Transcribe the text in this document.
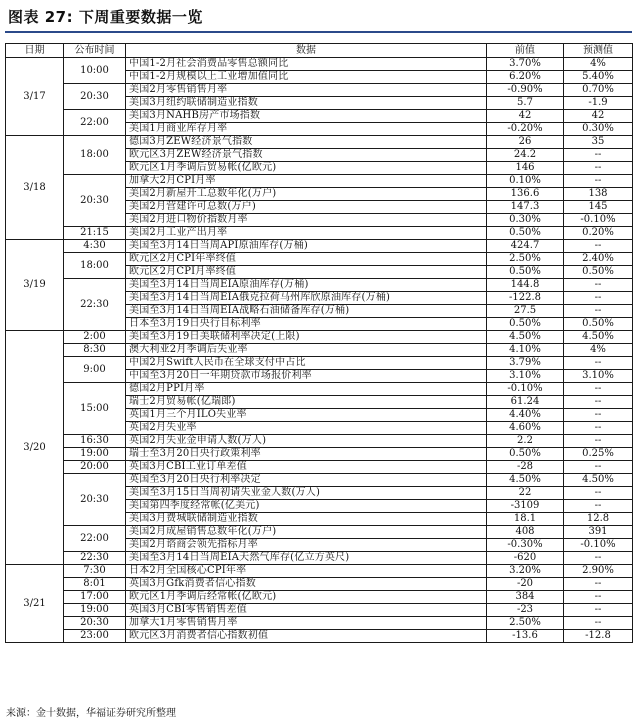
图表 27: 下周重要数据一览
日期	公布时间	数据	前值	预测值
3/17	10:00	中国1-2月社会消费品零售总额同比	3.70%	4%
		中国1-2月规模以上工业增加值同比	6.20%	5.40%
	20:30	美国2月零售销售月率	-0.90%	0.70%
		美国3月纽约联储制造业指数	5.7	-1.9
	22:00	美国3月NAHB房产市场指数	42	42
		美国1月商业库存月率	-0.20%	0.30%
3/18	18:00	德国3月ZEW经济景气指数	26	35
		欧元区3月ZEW经济景气指数	24.2	--
		欧元区1月季调后贸易帐(亿欧元)	146	--
	20:30	加拿大2月CPI月率	0.10%	--
		美国2月新屋开工总数年化(万户)	136.6	138
		美国2月营建许可总数(万户)	147.3	145
		美国2月进口物价指数月率	0.30%	-0.10%
	21:15	美国2月工业产出月率	0.50%	0.20%
3/19	4:30	美国至3月14日当周API原油库存(万桶)	424.7	--
	18:00	欧元区2月CPI年率终值	2.50%	2.40%
		欧元区2月CPI月率终值	0.50%	0.50%
	22:30	美国至3月14日当周EIA原油库存(万桶)	144.8	--
		美国至3月14日当周EIA俄克拉荷马州库欣原油库存(万桶)	-122.8	--
		美国至3月14日当周EIA战略石油储备库存(万桶)	27.5	--
		日本至3月19日央行目标利率	0.50%	0.50%
3/20	2:00	美国至3月19日美联储利率决定(上限)	4.50%	4.50%
	8:30	澳大利亚2月季调后失业率	4.10%	4%
	9:00	中国2月Swift人民币在全球支付中占比	3.79%	--
		中国至3月20日一年期贷款市场报价利率	3.10%	3.10%
	15:00	德国2月PPI月率	-0.10%	--
		瑞士2月贸易帐(亿瑞郎)	61.24	--
		英国1月三个月ILO失业率	4.40%	--
		英国2月失业率	4.60%	--
	16:30	英国2月失业金申请人数(万人)	2.2	--
	19:00	瑞士至3月20日央行政策利率	0.50%	0.25%
	20:00	英国3月CBI工业订单差值	-28	--
	20:30	英国至3月20日央行利率决定	4.50%	4.50%
		美国至3月15日当周初请失业金人数(万人)	22	--
		美国第四季度经常帐(亿美元)	-3109	--
		美国3月费城联储制造业指数	18.1	12.8
	22:00	美国2月成屋销售总数年化(万户)	408	391
		美国2月谘商会领先指标月率	-0.30%	-0.10%
	22:30	美国至3月14日当周EIA天然气库存(亿立方英尺)	-620	--
3/21	7:30	日本2月全国核心CPI年率	3.20%	2.90%
	8:01	英国3月Gfk消费者信心指数	-20	--
	17:00	欧元区1月季调后经常帐(亿欧元)	384	--
	19:00	英国3月CBI零售销售差值	-23	--
	20:30	加拿大1月零售销售月率	2.50%	--
	23:00	欧元区3月消费者信心指数初值	-13.6	-12.8
来源：金十数据，华福证券研究所整理
